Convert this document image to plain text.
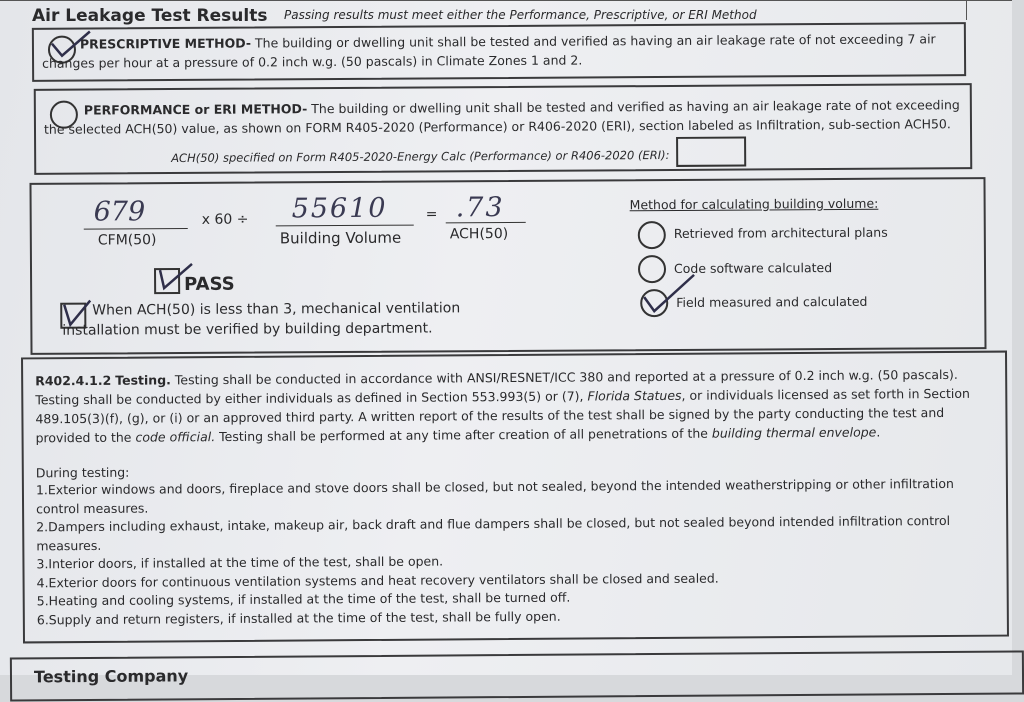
Air Leakage Test Results Passing results must meet either the Performance, Prescriptive, or ERI Method
PRESCRIPTIVE METHOD- The building or dwelling unit shall be tested and verified as having an air leakage rate of not exceeding 7 air changes per hour at a pressure of 0.2 inch w.g. (50 pascals) in Climate Zones 1 and 2.
PERFORMANCE or ERI METHOD- The building or dwelling unit shall be tested and verified as having an air leakage rate of not exceeding the selected ACH(50) value, as shown on FORM R405-2020 (Performance) or R406-2020 (ERI), section labeled as Infiltration, sub-section ACH50.
ACH(50) specified on Form R405-2020-Energy Calc (Performance) or R406-2020 (ERI):
679
CFM(50)
x 60 ÷ 55610
Building Volume
= .73
ACH(50)
PASS
When ACH(50) is less than 3, mechanical ventilation installation must be verified by building department.
Method for calculating building volume:
Retrieved from architectural plans
Code software calculated
Field measured and calculated
R402.4.1.2 Testing. Testing shall be conducted in accordance with ANSI/RESNET/ICC 380 and reported at a pressure of 0.2 inch w.g. (50 pascals). Testing shall be conducted by either individuals as defined in Section 553.993(5) or (7), Florida Statues, or individuals licensed as set forth in Section 489.105(3)(f), (g), or (i) or an approved third party. A written report of the results of the test shall be signed by the party conducting the test and provided to the code official. Testing shall be performed at any time after creation of all penetrations of the building thermal envelope.
During testing:
1.Exterior windows and doors, fireplace and stove doors shall be closed, but not sealed, beyond the intended weatherstripping or other infiltration control measures.
2.Dampers including exhaust, intake, makeup air, back draft and flue dampers shall be closed, but not sealed beyond intended infiltration control measures.
3.Interior doors, if installed at the time of the test, shall be open.
4.Exterior doors for continuous ventilation systems and heat recovery ventilators shall be closed and sealed.
5.Heating and cooling systems, if installed at the time of the test, shall be turned off.
6.Supply and return registers, if installed at the time of the test, shall be fully open.
Testing Company
